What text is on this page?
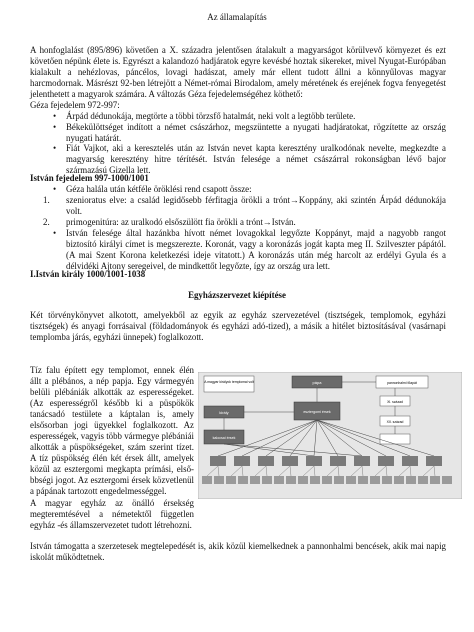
Az államalapítás
A honfoglalást (895/896) követően a X. századra jelentősen átalakult a magyarságot körülvevő környezet és ezt követően népünk élete is. Egyrészt a kalandozó hadjáratok egyre kevésbé hoztak sikereket, mivel Nyugat-Európában kialakult a nehézlovas, páncélos, lovagi hadászat, amely már ellent tudott állni a könnyűlovas magyar harcmodornak. Másrészt 92-ben létrejött a Német-római Birodalom, amely méretének és erejének fogva fenyegetést jelenthetett a magyarok számára. A változás Géza fejedelemségéhez köthető:
Géza fejedelem 972-997:
• Árpád dédunokája, megtörte a többi törzsfő hatalmát, neki volt a legtöbb területe.
• Békekülöttséget indított a német császárhoz, megszüntette a nyugati hadjáratokat, rögzítette az ország nyugati határát.
• Fiát Vajkot, aki a keresztelés után az István nevet kapta keresztény uralkodónak nevelte, megkezdte a magyarság keresztény hitre térítését. István felesége a német császárral rokonságban lévő bajor származású Gizella lett.
István fejedelem 997-1000/1001
• Géza halála után kétféle öröklési rend csapott össze:
1. szenioratus elve: a család legidősebb férfitagja örökli a trónt→Koppány, aki szintén Árpád dédunokája volt.
2. primogenitúra: az uralkodó elsőszülött fia örökli a trónt→István.
• István felesége által hazánkba hívott német lovagokkal legyőzte Koppányt, majd a nagyobb rangot biztosító királyi címet is megszerezte. Koronát, vagy a koronázás jogát kapta meg II. Szilveszter pápától. (A mai Szent Korona keletkezési ideje vitatott.) A koronázás után még harcolt az erdélyi Gyula és a délvidéki Ajtony seregeivel, de mindkettőt legyőzte, így az ország ura lett.
I.István király 1000/1001-1038
Egyházszervezet kiépítése
Két törvénykönyvet alkotott, amelyekből az egyik az egyház szervezetével (tisztségek, templomok, egyházi tisztségek) és anyagi forrásaival (földadományok és egyházi adó-tized), a másik a hitélet biztosításával (vasárnapi templomba járás, egyházi ünnepek) foglalkozott.
Tíz falu épített egy templomot, ennek élén állt a plébános, a nép papja. Egy vármegyén belüli plébániák alkották az esperességeket. (Az esperességről később ki a püspökök tanácsadó testülete a káptalan is, amely elsősorban jogi ügyekkel foglalkozott. Az esperességek, vagyis több vármegye plébániái alkották a püspökségeket, szám szerint tízet. A tíz püspökség élén két érsek állt, amelyek közül az esztergomi megkapta prímási, első- bbségi jogot. Az esztergomi érsek közvetlenül a pápának tartozott engedelmességgel.
A magyar egyház az önálló érsekség megteremtésével a németektől független egyház -és államszervezetet tudott létrehozni.
István támogatta a szerzetesek megtelepedését is, akik közül kiemelkednek a pannonhalmi bencések, akik mai napig iskolát működtetnek.
A magyar királyok templomai volt	pápa	pannonhalmi főapát
XI. század
XII. század
király	esztergomi érsek
kalocsai érsek
